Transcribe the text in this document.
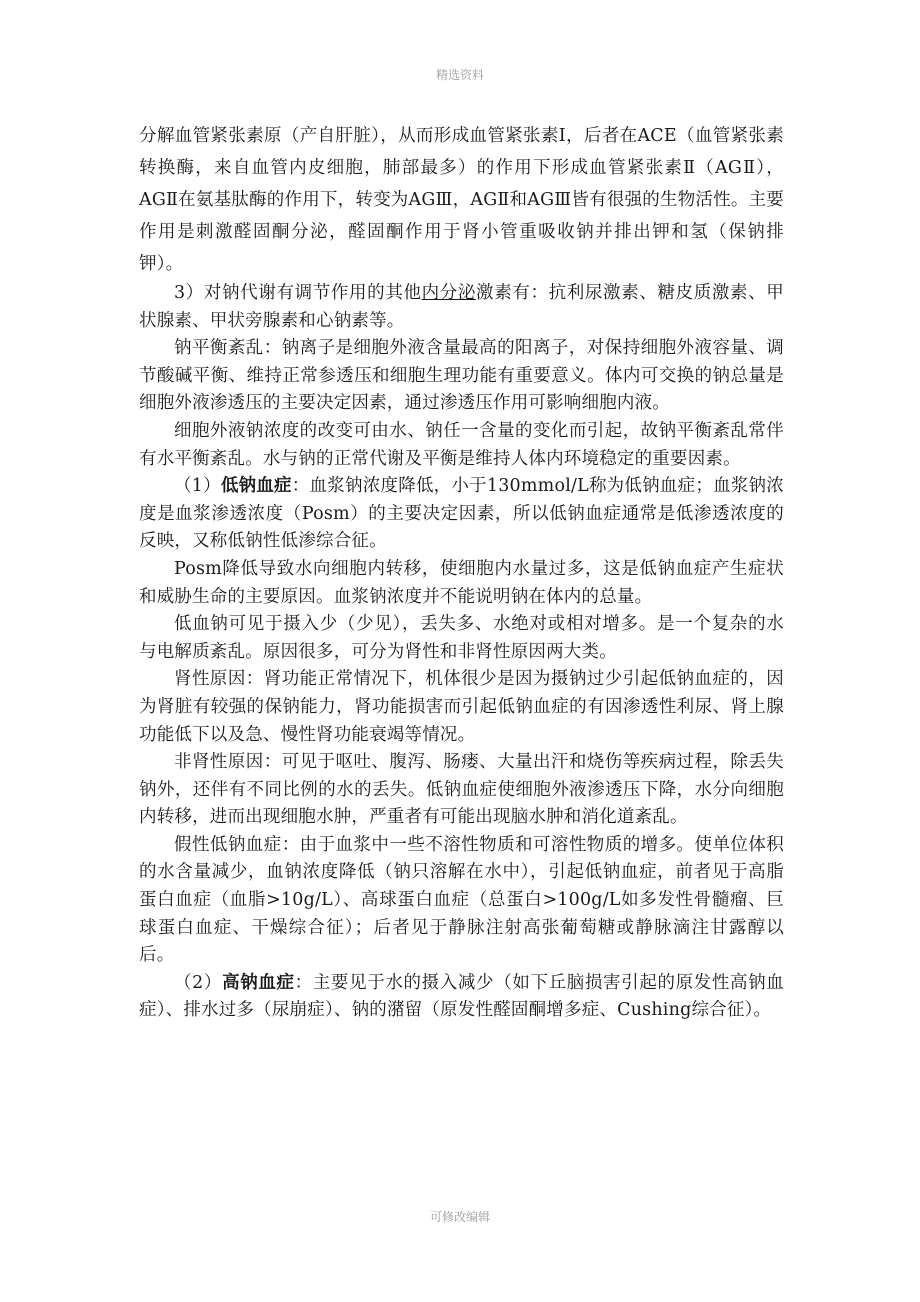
精选资料

分解血管紧张素原（产自肝脏），从而形成血管紧张素Ⅰ，后者在ACE（血管紧张素转换酶，来自血管内皮细胞，肺部最多）的作用下形成血管紧张素Ⅱ（AGⅡ），AGⅡ在氨基肽酶的作用下，转变为AGⅢ，AGⅡ和AGⅢ皆有很强的生物活性。主要作用是刺激醛固酮分泌，醛固酮作用于肾小管重吸收钠并排出钾和氢（保钠排钾）。

3）对钠代谢有调节作用的其他内分泌激素有：抗利尿激素、糖皮质激素、甲状腺素、甲状旁腺素和心钠素等。

钠平衡紊乱：钠离子是细胞外液含量最高的阳离子，对保持细胞外液容量、调节酸碱平衡、维持正常参透压和细胞生理功能有重要意义。体内可交换的钠总量是细胞外液渗透压的主要决定因素，通过渗透压作用可影响细胞内液。

细胞外液钠浓度的改变可由水、钠任一含量的变化而引起，故钠平衡紊乱常伴有水平衡紊乱。水与钠的正常代谢及平衡是维持人体内环境稳定的重要因素。

（1）低钠血症：血浆钠浓度降低，小于130mmol/L称为低钠血症；血浆钠浓度是血浆渗透浓度（Posm）的主要决定因素，所以低钠血症通常是低渗透浓度的反映，又称低钠性低渗综合征。

Posm降低导致水向细胞内转移，使细胞内水量过多，这是低钠血症产生症状和威胁生命的主要原因。血浆钠浓度并不能说明钠在体内的总量。

低血钠可见于摄入少（少见），丢失多、水绝对或相对增多。是一个复杂的水与电解质紊乱。原因很多，可分为肾性和非肾性原因两大类。

肾性原因：肾功能正常情况下，机体很少是因为摄钠过少引起低钠血症的，因为肾脏有较强的保钠能力，肾功能损害而引起低钠血症的有因渗透性利尿、肾上腺功能低下以及急、慢性肾功能衰竭等情况。

非肾性原因：可见于呕吐、腹泻、肠瘘、大量出汗和烧伤等疾病过程，除丢失钠外，还伴有不同比例的水的丢失。低钠血症使细胞外液渗透压下降，水分向细胞内转移，进而出现细胞水肿，严重者有可能出现脑水肿和消化道紊乱。

假性低钠血症：由于血浆中一些不溶性物质和可溶性物质的增多。使单位体积的水含量减少，血钠浓度降低（钠只溶解在水中），引起低钠血症，前者见于高脂蛋白血症（血脂>10g/L）、高球蛋白血症（总蛋白>100g/L如多发性骨髓瘤、巨球蛋白血症、干燥综合征）；后者见于静脉注射高张葡萄糖或静脉滴注甘露醇以后。

（2）高钠血症：主要见于水的摄入减少（如下丘脑损害引起的原发性高钠血症）、排水过多（尿崩症）、钠的潴留（原发性醛固酮增多症、Cushing综合征）。

可修改编辑
